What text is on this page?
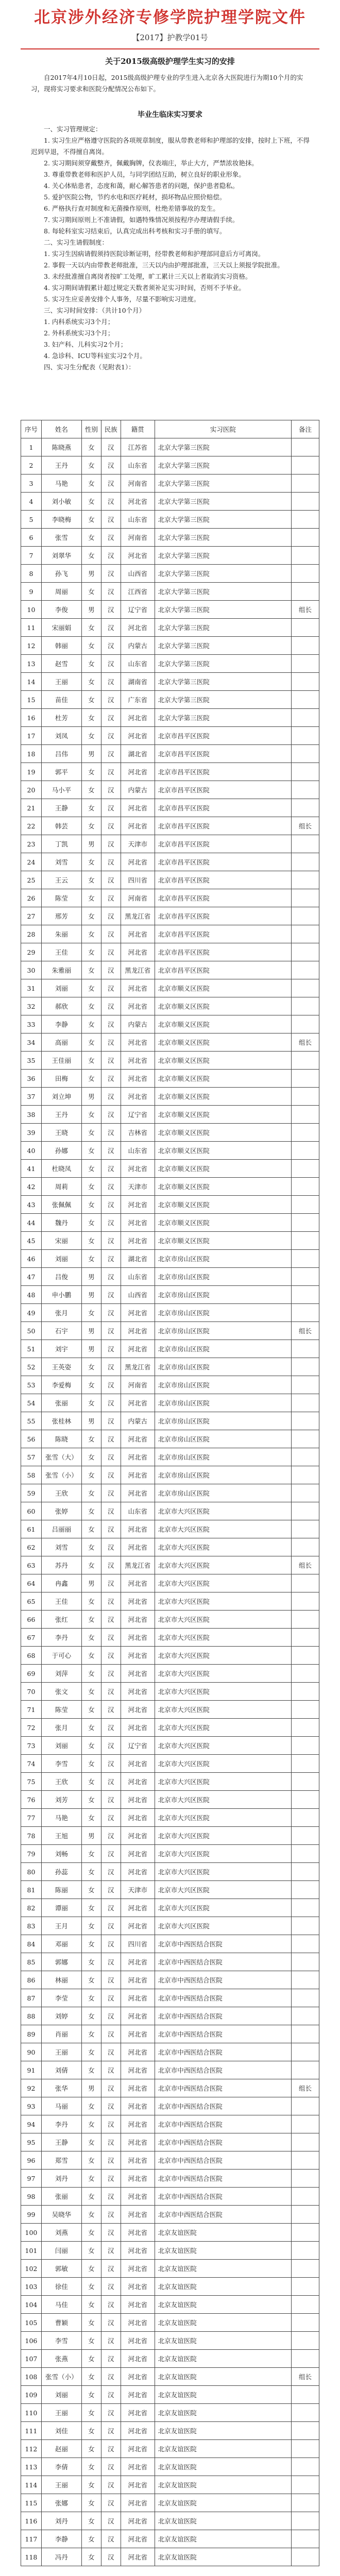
北京涉外经济专修学院护理学院文件
【2017】护教学01号
关于2015级高级护理学生实习的安排

自2017年4月10日起，2015级高级护理专业的学生进入北京各大医院进行为期10个月的实习，现将实习要求和医院分配情况公布如下。

毕业生临床实习要求

一、实习管理规定：

1. 实习生应严格遵守医院的各项规章制度，服从带教老师和护理部的安排，按时上下班，不得迟到早退，不得擅自离岗。

2. 实习期间须穿戴整齐，佩戴胸牌，仪表端庄，举止大方，严禁浓妆艳抹。

3. 尊重带教老师和医护人员，与同学团结互助，树立良好的职业形象。

4. 关心体贴患者，态度和蔼，耐心解答患者的问题，保护患者隐私。

5. 爱护医院公物，节约水电和医疗耗材，损坏物品应照价赔偿。

6. 严格执行查对制度和无菌操作原则，杜绝差错事故的发生。

7. 实习期间原则上不准请假，如遇特殊情况须按程序办理请假手续。

8. 每轮科室实习结束后，认真完成出科考核和实习手册的填写。

二、实习生请假制度：

1. 实习生因病请假须持医院诊断证明，经带教老师和护理部同意后方可离岗。

2. 事假一天以内由带教老师批准，三天以内由护理部批准，三天以上须报学院批准。

3. 未经批准擅自离岗者按旷工处理，旷工累计三天以上者取消实习资格。

4. 实习期间请假累计超过规定天数者须补足实习时间，否则不予毕业。

5. 实习生应妥善安排个人事务，尽量不影响实习进度。

三、实习时间安排：（共计10个月）

1. 内科系统实习3个月；

2. 外科系统实习3个月；

3. 妇产科、儿科实习2个月；

4. 急诊科、ICU等科室实习2个月。

四、实习生分配表（见附表1）：

序号	姓名	性别	民族	籍贯	实习医院	备注
1	陈晓燕	女	汉	江苏省	北京大学第三医院	
2	王丹	女	汉	山东省	北京大学第三医院	
3	马艳	女	汉	河南省	北京大学第三医院	
4	刘小敏	女	汉	河北省	北京大学第三医院	
5	李晓梅	女	汉	山东省	北京大学第三医院	
6	张雪	女	汉	河南省	北京大学第三医院	
7	刘翠华	女	汉	河北省	北京大学第三医院	
8	孙飞	男	汉	山西省	北京大学第三医院	
9	周丽	女	汉	江西省	北京大学第三医院	
10	李俊	男	汉	辽宁省	北京大学第三医院	组长
11	宋丽娟	女	汉	河北省	北京大学第三医院	
12	韩丽	女	汉	内蒙古	北京大学第三医院	
13	赵雪	女	汉	山东省	北京大学第三医院	
14	王丽	女	汉	湖南省	北京大学第三医院	
15	苗佳	女	汉	广东省	北京大学第三医院	
16	杜芳	女	汉	河北省	北京大学第三医院	
17	刘凤	女	汉	河北省	北京市昌平区医院	
18	吕伟	男	汉	湖北省	北京市昌平区医院	
19	郭平	女	汉	河北省	北京市昌平区医院	
20	马小平	女	汉	内蒙古	北京市昌平区医院	
21	王静	女	汉	河北省	北京市昌平区医院	
22	韩芸	女	汉	河北省	北京市昌平区医院	组长
23	丁凯	男	汉	天津市	北京市昌平区医院	
24	刘雪	女	汉	河北省	北京市昌平区医院	
25	王云	女	汉	四川省	北京市昌平区医院	
26	陈莹	女	汉	河南省	北京市昌平区医院	
27	邢芳	女	汉	黑龙江省	北京市昌平区医院	
28	朱丽	女	汉	河北省	北京市昌平区医院	
29	王佳	女	汉	河北省	北京市昌平区医院	
30	朱雅丽	女	汉	黑龙江省	北京市昌平区医院	
31	刘丽	女	汉	河北省	北京市顺义区医院	
32	郝欣	女	汉	河北省	北京市顺义区医院	
33	李静	女	汉	内蒙古	北京市顺义区医院	
34	高丽	女	汉	河北省	北京市顺义区医院	组长
35	王佳丽	女	汉	河北省	北京市顺义区医院	
36	田梅	女	汉	河北省	北京市顺义区医院	
37	刘立坤	男	汉	河北省	北京市顺义区医院	
38	王丹	女	汉	辽宁省	北京市顺义区医院	
39	王晓	女	汉	吉林省	北京市顺义区医院	
40	孙娜	女	汉	山东省	北京市顺义区医院	
41	杜晓凤	女	汉	河北省	北京市顺义区医院	
42	周莉	女	汉	天津市	北京市顺义区医院	
43	张佩佩	女	汉	河北省	北京市顺义区医院	
44	魏丹	女	汉	河北省	北京市顺义区医院	
45	宋丽	女	汉	河北省	北京市顺义区医院	
46	刘丽	女	汉	湖北省	北京市房山区医院	
47	吕俊	男	汉	山东省	北京市房山区医院	
48	申小鹏	男	汉	山西省	北京市房山区医院	
49	张月	女	汉	河北省	北京市房山区医院	
50	石宇	男	汉	河北省	北京市房山区医院	组长
51	刘宇	男	汉	河北省	北京市房山区医院	
52	王英姿	女	汉	黑龙江省	北京市房山区医院	
53	李爱梅	女	汉	河南省	北京市房山区医院	
54	张丽	女	汉	河北省	北京市房山区医院	
55	张桂林	男	汉	内蒙古	北京市房山区医院	
56	陈晓	女	汉	河北省	北京市房山区医院	
57	张雪（大）	女	汉	河北省	北京市房山区医院	
58	张雪（小）	女	汉	河北省	北京市房山区医院	
59	王欣	女	汉	河北省	北京市房山区医院	
60	张婷	女	汉	山东省	北京市大兴区医院	
61	吕丽丽	女	汉	河北省	北京市大兴区医院	
62	刘雪	女	汉	河北省	北京市大兴区医院	
63	苏丹	女	汉	黑龙江省	北京市大兴区医院	组长
64	冉鑫	男	汉	河北省	北京市大兴区医院	
65	王佳	女	汉	河北省	北京市大兴区医院	
66	张红	女	汉	河北省	北京市大兴区医院	
67	李丹	女	汉	河北省	北京市大兴区医院	
68	于可心	女	汉	河北省	北京市大兴区医院	
69	刘萍	女	汉	河北省	北京市大兴区医院	
70	张文	女	汉	河北省	北京市大兴区医院	
71	陈莹	女	汉	河北省	北京市大兴区医院	
72	张月	女	汉	河北省	北京市大兴区医院	
73	刘丽	女	汉	辽宁省	北京市大兴区医院	
74	李雪	女	汉	河北省	北京市大兴区医院	
75	王欣	女	汉	河北省	北京市大兴区医院	
76	刘芳	女	汉	河北省	北京市大兴区医院	
77	马艳	女	汉	河北省	北京市大兴区医院	
78	王旭	男	汉	河北省	北京市大兴区医院	
79	刘畅	女	汉	河北省	北京市大兴区医院	
80	孙蕊	女	汉	河北省	北京市大兴区医院	
81	陈丽	女	汉	天津市	北京市大兴区医院	
82	谭丽	女	汉	河北省	北京市大兴区医院	
83	王月	女	汉	河北省	北京市大兴区医院	
84	邓丽	女	汉	四川省	北京市中西医结合医院	
85	郭娜	女	汉	河北省	北京市中西医结合医院	
86	林丽	女	汉	河北省	北京市中西医结合医院	
87	李莹	女	汉	河北省	北京市中西医结合医院	
88	刘婷	女	汉	河北省	北京市中西医结合医院	
89	肖丽	女	汉	河北省	北京市中西医结合医院	
90	王丽	女	汉	河北省	北京市中西医结合医院	
91	刘倩	女	汉	河北省	北京市中西医结合医院	
92	张华	男	汉	河北省	北京市中西医结合医院	组长
93	马丽	女	汉	河北省	北京市中西医结合医院	
94	李丹	女	汉	河北省	北京市中西医结合医院	
95	王静	女	汉	河北省	北京市中西医结合医院	
96	郑雪	女	汉	河北省	北京市中西医结合医院	
97	刘丹	女	汉	河北省	北京市中西医结合医院	
98	张丽	女	汉	河北省	北京市中西医结合医院	
99	吴晓华	女	汉	河北省	北京市中西医结合医院	
100	刘燕	女	汉	河北省	北京友谊医院	
101	闫丽	女	汉	河北省	北京友谊医院	
102	郭敏	女	汉	河北省	北京友谊医院	
103	徐佳	女	汉	河北省	北京友谊医院	
104	马佳	女	汉	河北省	北京友谊医院	
105	曹颖	女	汉	河北省	北京友谊医院	
106	李雪	女	汉	河北省	北京友谊医院	
107	张燕	女	汉	河北省	北京友谊医院	
108	张雪（小）	女	汉	河北省	北京友谊医院	组长
109	刘丽	女	汉	河北省	北京友谊医院	
110	王丽	女	汉	河北省	北京友谊医院	
111	刘佳	女	汉	河北省	北京友谊医院	
112	赵丽	女	汉	河北省	北京友谊医院	
113	李倩	女	汉	河北省	北京友谊医院	
114	王丽	女	汉	河北省	北京友谊医院	
115	张娜	女	汉	河北省	北京友谊医院	
116	刘丹	女	汉	河北省	北京友谊医院	
117	李静	女	汉	河北省	北京友谊医院	
118	冯丹	女	汉	河北省	北京友谊医院	
